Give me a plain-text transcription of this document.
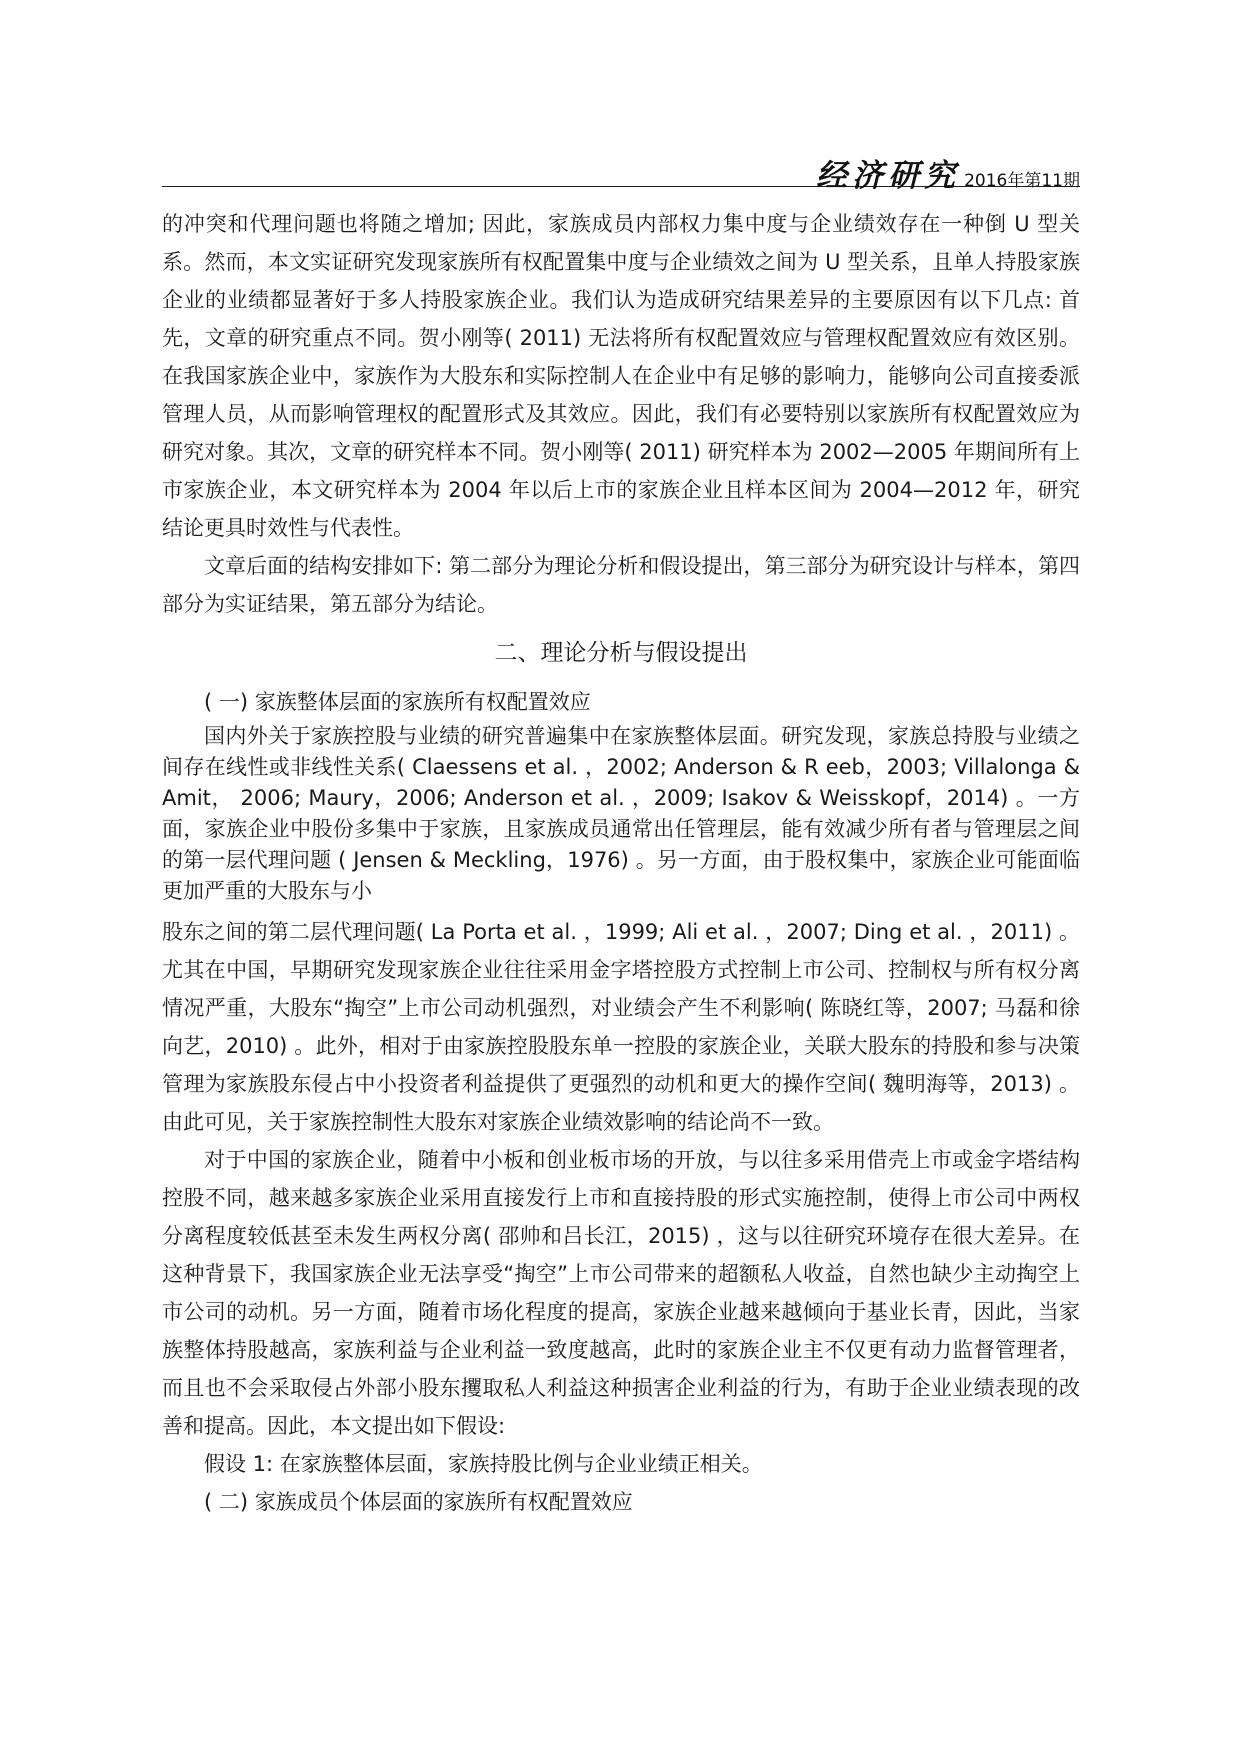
经济研究 2016年第11期

的冲突和代理问题也将随之增加; 因此，家族成员内部权力集中度与企业绩效存在一种倒 U 型关系。然而，本文实证研究发现家族所有权配置集中度与企业绩效之间为 U 型关系，且单人持股家族企业的业绩都显著好于多人持股家族企业。我们认为造成研究结果差异的主要原因有以下几点: 首先，文章的研究重点不同。贺小刚等( 2011) 无法将所有权配置效应与管理权配置效应有效区别。在我国家族企业中，家族作为大股东和实际控制人在企业中有足够的影响力，能够向公司直接委派管理人员，从而影响管理权的配置形式及其效应。因此，我们有必要特别以家族所有权配置效应为研究对象。其次，文章的研究样本不同。贺小刚等( 2011) 研究样本为 2002—2005 年期间所有上市家族企业，本文研究样本为 2004 年以后上市的家族企业且样本区间为 2004—2012 年，研究结论更具时效性与代表性。

文章后面的结构安排如下: 第二部分为理论分析和假设提出，第三部分为研究设计与样本，第四部分为实证结果，第五部分为结论。

二、理论分析与假设提出

( 一) 家族整体层面的家族所有权配置效应

国内外关于家族控股与业绩的研究普遍集中在家族整体层面。研究发现，家族总持股与业绩之间存在线性或非线性关系( Claessens et al. ，2002; Anderson & R eeb，2003; Villalonga & Amit， 2006; Maury，2006; Anderson et al. ，2009; Isakov & Weisskopf，2014) 。一方面，家族企业中股份多集中于家族，且家族成员通常出任管理层，能有效减少所有者与管理层之间的第一层代理问题 ( Jensen & Meckling，1976) 。另一方面，由于股权集中，家族企业可能面临更加严重的大股东与小

股东之间的第二层代理问题( La Porta et al. ，1999; Ali et al. ，2007; Ding et al. ，2011) 。尤其在中国，早期研究发现家族企业往往采用金字塔控股方式控制上市公司、控制权与所有权分离情况严重，大股东“掏空”上市公司动机强烈，对业绩会产生不利影响( 陈晓红等，2007; 马磊和徐向艺，2010) 。此外，相对于由家族控股股东单一控股的家族企业，关联大股东的持股和参与决策管理为家族股东侵占中小投资者利益提供了更强烈的动机和更大的操作空间( 魏明海等，2013) 。由此可见，关于家族控制性大股东对家族企业绩效影响的结论尚不一致。

对于中国的家族企业，随着中小板和创业板市场的开放，与以往多采用借壳上市或金字塔结构控股不同，越来越多家族企业采用直接发行上市和直接持股的形式实施控制，使得上市公司中两权分离程度较低甚至未发生两权分离( 邵帅和吕长江，2015) ，这与以往研究环境存在很大差异。在这种背景下，我国家族企业无法享受“掏空”上市公司带来的超额私人收益，自然也缺少主动掏空上市公司的动机。另一方面，随着市场化程度的提高，家族企业越来越倾向于基业长青，因此，当家族整体持股越高，家族利益与企业利益一致度越高，此时的家族企业主不仅更有动力监督管理者，而且也不会采取侵占外部小股东攫取私人利益这种损害企业利益的行为，有助于企业业绩表现的改善和提高。因此，本文提出如下假设:

假设 1: 在家族整体层面，家族持股比例与企业业绩正相关。

( 二) 家族成员个体层面的家族所有权配置效应
